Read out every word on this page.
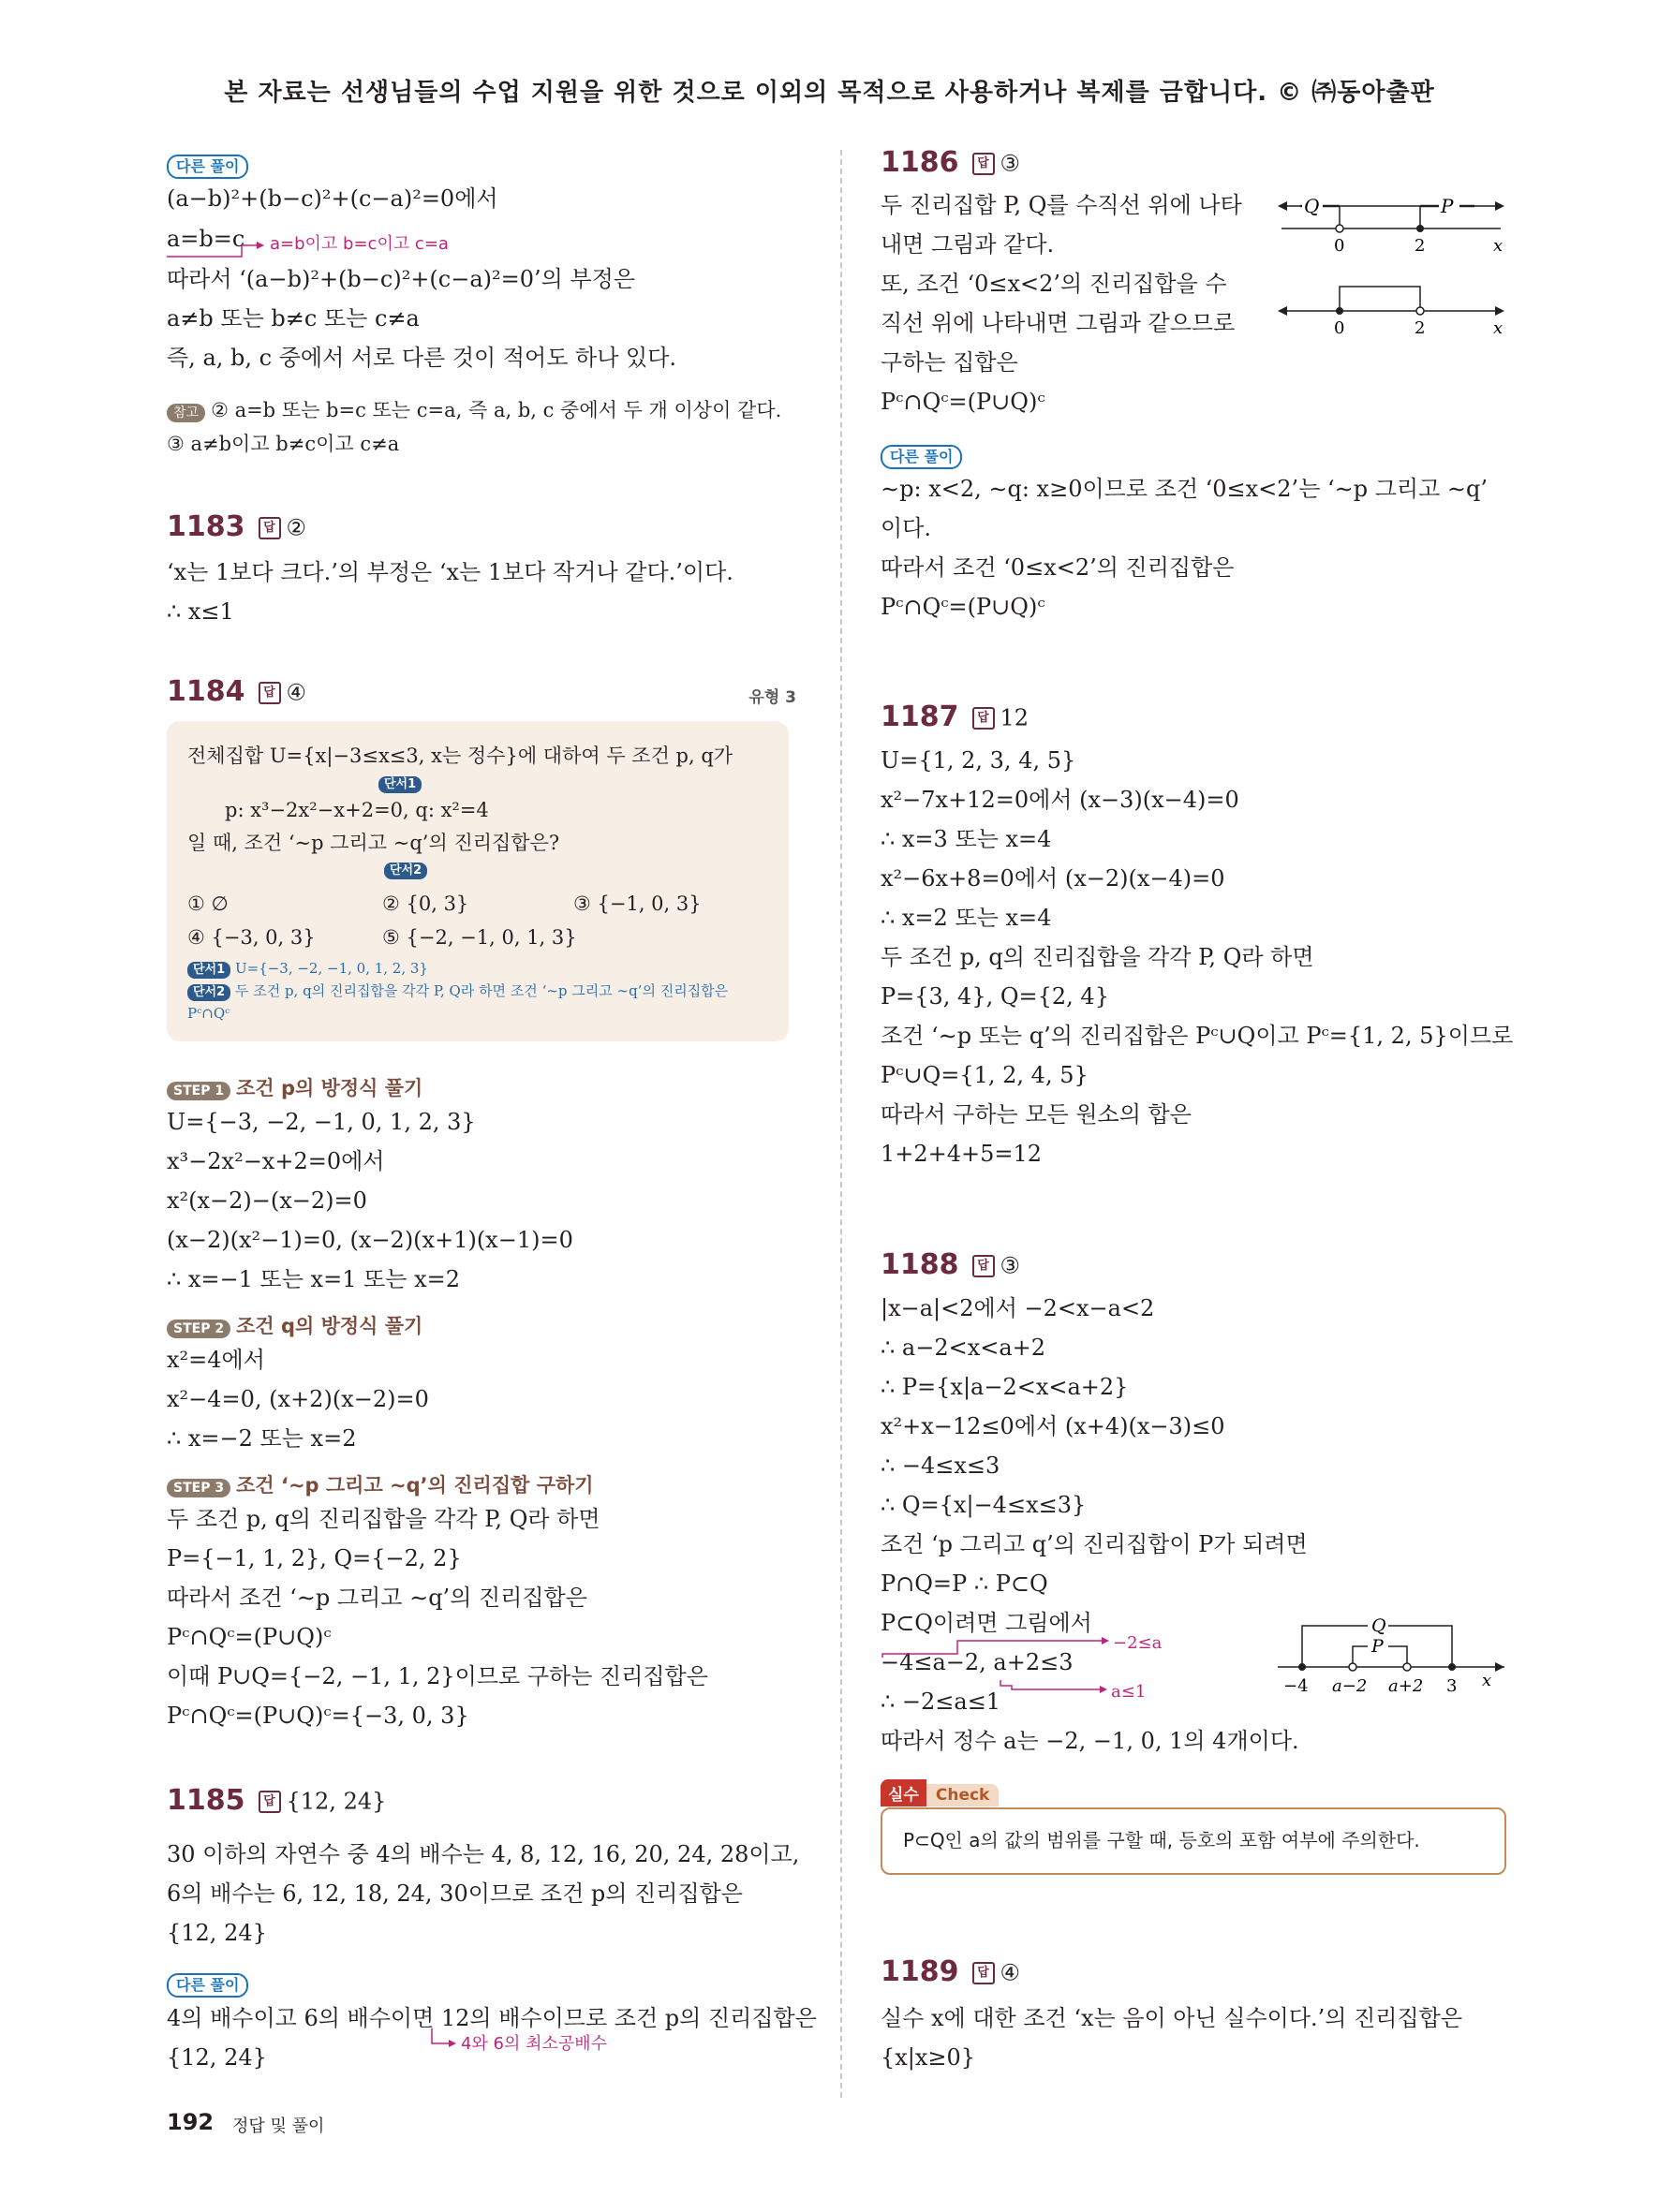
본 자료는 선생님들의 수업 지원을 위한 것으로 이외의 목적으로 사용하거나 복제를 금합니다. © ㈜동아출판
다른 풀이
(a−b)²+(b−c)²+(c−a)²=0에서
a=b=c a=b이고 b=c이고 c=a
따라서 ‘(a−b)²+(b−c)²+(c−a)²=0’의 부정은
a≠b 또는 b≠c 또는 c≠a
즉, a, b, c 중에서 서로 다른 것이 적어도 하나 있다.
참고 ② a=b 또는 b=c 또는 c=a, 즉 a, b, c 중에서 두 개 이상이 같다.
③ a≠b이고 b≠c이고 c≠a
1183 답 ②
‘x는 1보다 크다.’의 부정은 ‘x는 1보다 작거나 같다.’이다.
∴ x≤1
1184 답 ④	유형 3
전체집합 U={x|−3≤x≤3, x는 정수}에 대하여 두 조건 p, q가
단서1
p: x³−2x²−x+2=0, q: x²=4
일 때, 조건 ‘∼p 그리고 ∼q’의 진리집합은?
단서2
① ∅	② {0, 3}	③ {−1, 0, 3}
④ {−3, 0, 3}	⑤ {−2, −1, 0, 1, 3}
단서1 U={−3, −2, −1, 0, 1, 2, 3}
단서2 두 조건 p, q의 진리집합을 각각 P, Q라 하면 조건 ‘∼p 그리고 ∼q’의 진리집합은
Pᶜ∩Qᶜ
STEP 1 조건 p의 방정식 풀기
U={−3, −2, −1, 0, 1, 2, 3}
x³−2x²−x+2=0에서
x²(x−2)−(x−2)=0
(x−2)(x²−1)=0, (x−2)(x+1)(x−1)=0
∴ x=−1 또는 x=1 또는 x=2
STEP 2 조건 q의 방정식 풀기
x²=4에서
x²−4=0, (x+2)(x−2)=0
∴ x=−2 또는 x=2
STEP 3 조건 ‘∼p 그리고 ∼q’의 진리집합 구하기
두 조건 p, q의 진리집합을 각각 P, Q라 하면
P={−1, 1, 2}, Q={−2, 2}
따라서 조건 ‘∼p 그리고 ∼q’의 진리집합은
Pᶜ∩Qᶜ=(P∪Q)ᶜ
이때 P∪Q={−2, −1, 1, 2}이므로 구하는 진리집합은
Pᶜ∩Qᶜ=(P∪Q)ᶜ={−3, 0, 3}
1185 답 {12, 24}
30 이하의 자연수 중 4의 배수는 4, 8, 12, 16, 20, 24, 28이고,
6의 배수는 6, 12, 18, 24, 30이므로 조건 p의 진리집합은
{12, 24}
다른 풀이
4의 배수이고 6의 배수이면 12의 배수이므로 조건 p의 진리집합은
4와 6의 최소공배수
{12, 24}
1186 답 ③
두 진리집합 P, Q를 수직선 위에 나타
내면 그림과 같다.
또, 조건 ‘0≤x<2’의 진리집합을 수
직선 위에 나타내면 그림과 같으므로
구하는 집합은
Pᶜ∩Qᶜ=(P∪Q)ᶜ
Q	P
0	2	x
0	2	x
다른 풀이
∼p: x<2, ∼q: x≥0이므로 조건 ‘0≤x<2’는 ‘∼p 그리고 ∼q’
이다.
따라서 조건 ‘0≤x<2’의 진리집합은
Pᶜ∩Qᶜ=(P∪Q)ᶜ
1187 답 12
U={1, 2, 3, 4, 5}
x²−7x+12=0에서 (x−3)(x−4)=0
∴ x=3 또는 x=4
x²−6x+8=0에서 (x−2)(x−4)=0
∴ x=2 또는 x=4
두 조건 p, q의 진리집합을 각각 P, Q라 하면
P={3, 4}, Q={2, 4}
조건 ‘∼p 또는 q’의 진리집합은 Pᶜ∪Q이고 Pᶜ={1, 2, 5}이므로
Pᶜ∪Q={1, 2, 4, 5}
따라서 구하는 모든 원소의 합은
1+2+4+5=12
1188 답 ③
|x−a|<2에서 −2<x−a<2
∴ a−2<x<a+2
∴ P={x|a−2<x<a+2}
x²+x−12≤0에서 (x+4)(x−3)≤0
∴ −4≤x≤3
∴ Q={x|−4≤x≤3}
조건 ‘p 그리고 q’의 진리집합이 P가 되려면
P∩Q=P ∴ P⊂Q
P⊂Q이려면 그림에서
−4≤a−2, a+2≤3
∴ −2≤a≤1
따라서 정수 a는 −2, −1, 0, 1의 4개이다.
−2≤a
a≤1
Q
P
−4 a−2 a+2 3 x
실수 Check
P⊂Q인 a의 값의 범위를 구할 때, 등호의 포함 여부에 주의한다.
1189 답 ④
실수 x에 대한 조건 ‘x는 음이 아닌 실수이다.’의 진리집합은
{x|x≥0}
192 정답 및 풀이
